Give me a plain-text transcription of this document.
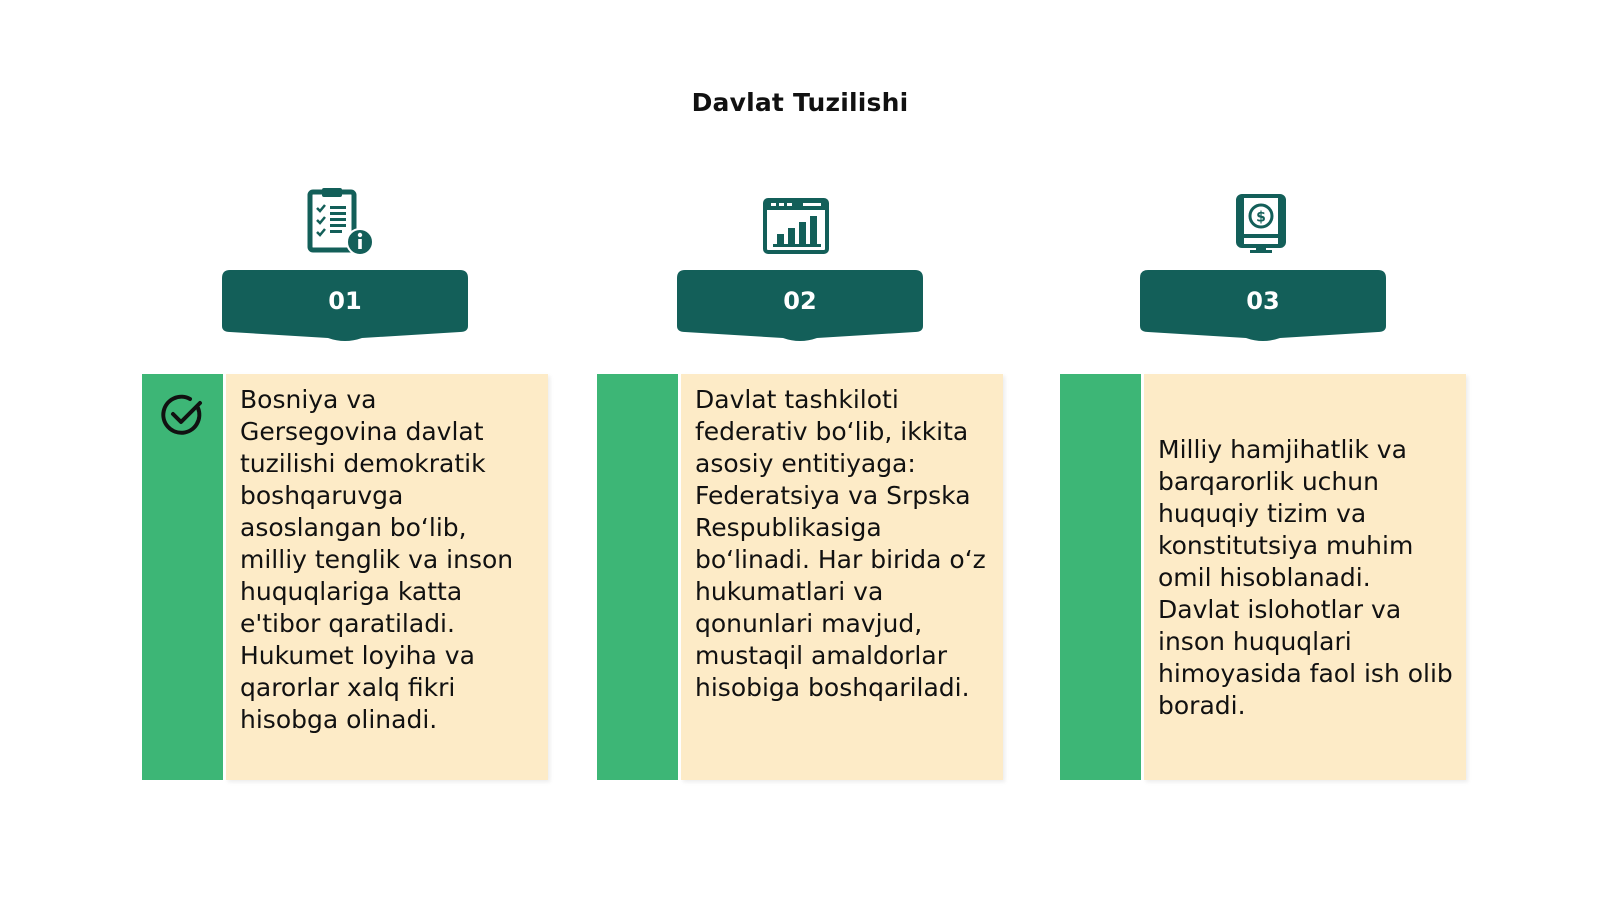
Davlat Tuzilishi
01
Bosniya va Gersegovina davlat tuzilishi demokratik boshqaruvga asoslangan bo‘lib, milliy tenglik va inson huquqlariga katta e'tibor qaratiladi. Hukumet loyiha va qarorlar xalq fikri hisobga olinadi.
02
Davlat tashkiloti federativ bo‘lib, ikkita asosiy entitiyaga: Federatsiya va Srpska Respublikasiga bo‘linadi. Har birida o‘z hukumatlari va qonunlari mavjud, mustaqil amaldorlar hisobiga boshqariladi.
$
03
Milliy hamjihatlik va barqarorlik uchun huquqiy tizim va konstitutsiya muhim omil hisoblanadi. Davlat islohotlar va inson huquqlari himoyasida faol ish olib boradi.
